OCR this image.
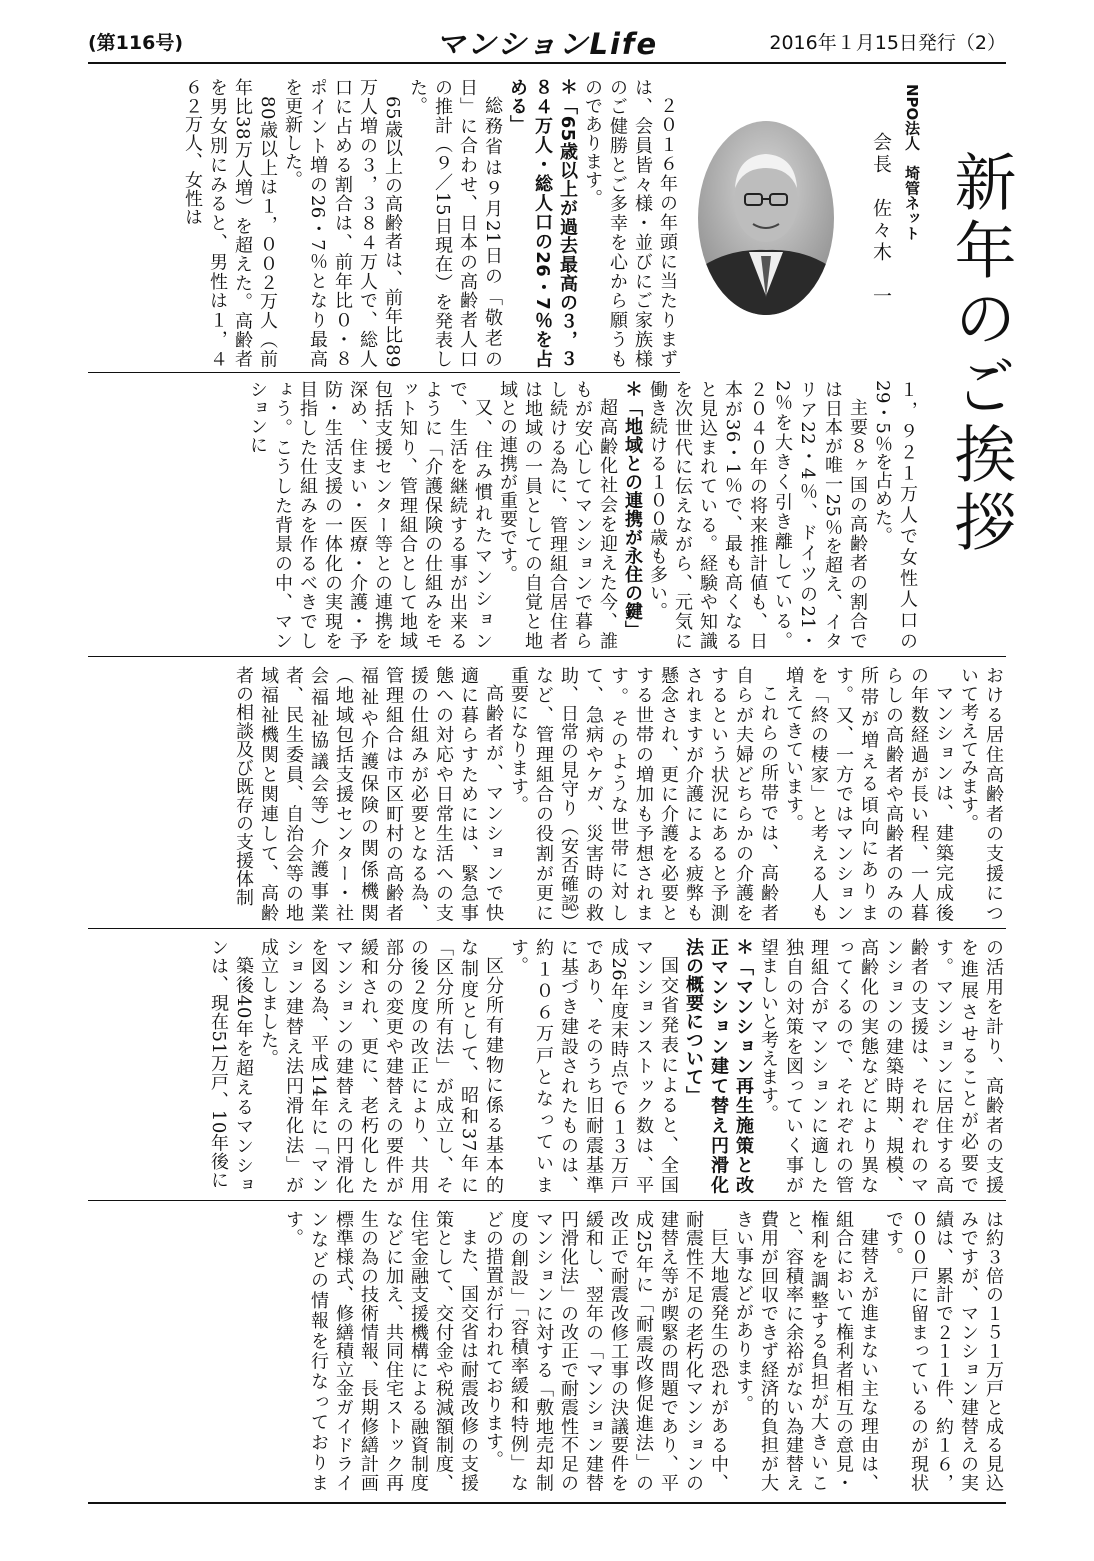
(第116号)	マンションLife	2016年１月15日発行（2）
新年のご挨拶
NPO法人　埼管ネット
会長　佐々木　一

２０１６年の年頭に当たりまずは、会員皆々様・並びにご家族様のご健勝とご多幸を心から願うものであります。

＊「65歳以上が過去最高の３，３８４万人・総人口の26・7％を占める」

総務省は９月21日の「敬老の日」に合わせ、日本の高齢者人口の推計（９／15日現在）を発表した。

65歳以上の高齢者は、前年比89万人増の３，３８４万人で、総人口に占める割合は、前年比０・８ポイント増の26・7％となり最高を更新した。

80歳以上は１，００２万人（前年比38万人増）を超えた。高齢者を男女別にみると、男性は１，４６２万人、女性は

１，９２１万人で女性人口の29・5％を占めた。

主要８ヶ国の高齢者の割合では日本が唯一25％を超え、イタリア22・4％、ドイツの21・2％を大きく引き離している。２０４０年の将来推計値も、日本が36・1％で、最も高くなると見込まれている。経験や知識を次世代に伝えながら、元気に働き続ける１００歳も多い。

＊「地域との連携が永住の鍵」

超高齢化社会を迎えた今、誰もが安心してマンションで暮らし続ける為に、管理組合居住者は地域の一員としての自覚と地域との連携が重要です。

又、住み慣れたマンションで、生活を継続する事が出来るように「介護保険の仕組みをモット知り、管理組合として地域包括支援センター等との連携を深め、住まい・医療・介護・予防・生活支援の一体化の実現を目指した仕組みを作るべきでしょう。こうした背景の中、マンションに

おける居住高齢者の支援について考えてみます。

マンションは、建築完成後の年数経過が長い程、一人暮らしの高齢者や高齢者のみの所帯が増える頃向にあります。又、一方ではマンションを「終の棲家」と考える人も増えてきています。

これらの所帯では、高齢者自らが夫婦どちらかの介護をするという状況にあると予測されますが介護による疲弊も懸念され、更に介護を必要とする世帯の増加も予想されます。そのような世帯に対して、急病やケガ、災害時の救助、日常の見守り（安否確認）など、管理組合の役割が更に重要になります。

高齢者が、マンションで快適に暮らすためには、緊急事態への対応や日常生活への支援の仕組みが必要となる為、管理組合は市区町村の高齢者福祉や介護保険の関係機関（地域包括支援センター・社会福祉協議会等）介護事業者、民生委員、自治会等の地域福祉機関と関連して、高齢者の相談及び既存の支援体制

の活用を計り、高齢者の支援を進展させることが必要です。マンションに居住する高齢者の支援は、それぞれのマンションの建築時期、規模、高齢化の実態などにより異なってくるので、それぞれの管理組合がマンションに適した独自の対策を図っていく事が望ましいと考えます。

＊「マンション再生施策と改正マンション建て替え円滑化法の概要について」

国交省発表によると、全国マンションストック数は、平成26年度末時点で６１３万戸であり、そのうち旧耐震基準に基づき建設されたものは、約１０６万戸となっています。

区分所有建物に係る基本的な制度として、昭和37年に「区分所有法」が成立し、その後２度の改正により、共用部分の変更や建替えの要件が緩和され、更に、老朽化したマンションの建替えの円滑化を図る為、平成14年に「マンション建替え法円滑化法」が成立しました。

築後40年を超えるマンションは、現在51万戸、10年後に

は約３倍の１５１万戸と成る見込みですが、マンション建替えの実績は、累計で２１１件、約１６，０００戸に留まっているのが現状です。

建替えが進まない主な理由は、組合において権利者相互の意見・権利を調整する負担が大きいこと、容積率に余裕がない為建替え費用が回収できず経済的負担が大きい事などがあります。

巨大地震発生の恐れがある中、耐震性不足の老朽化マンションの建替え等が喫緊の問題であり、平成25年に「耐震改修促進法」の改正で耐震改修工事の決議要件を緩和し、翌年の「マンション建替円滑化法」の改正で耐震性不足のマンションに対する「敷地売却制度の創設」「容積率緩和特例」などの措置が行われております。

また、国交省は耐震改修の支援策として、交付金や税減額制度、住宅金融支援機構による融資制度などに加え、共同住宅ストック再生の為の技術情報、長期修繕計画標準様式、修繕積立金ガイドラインなどの情報を行なっております。
